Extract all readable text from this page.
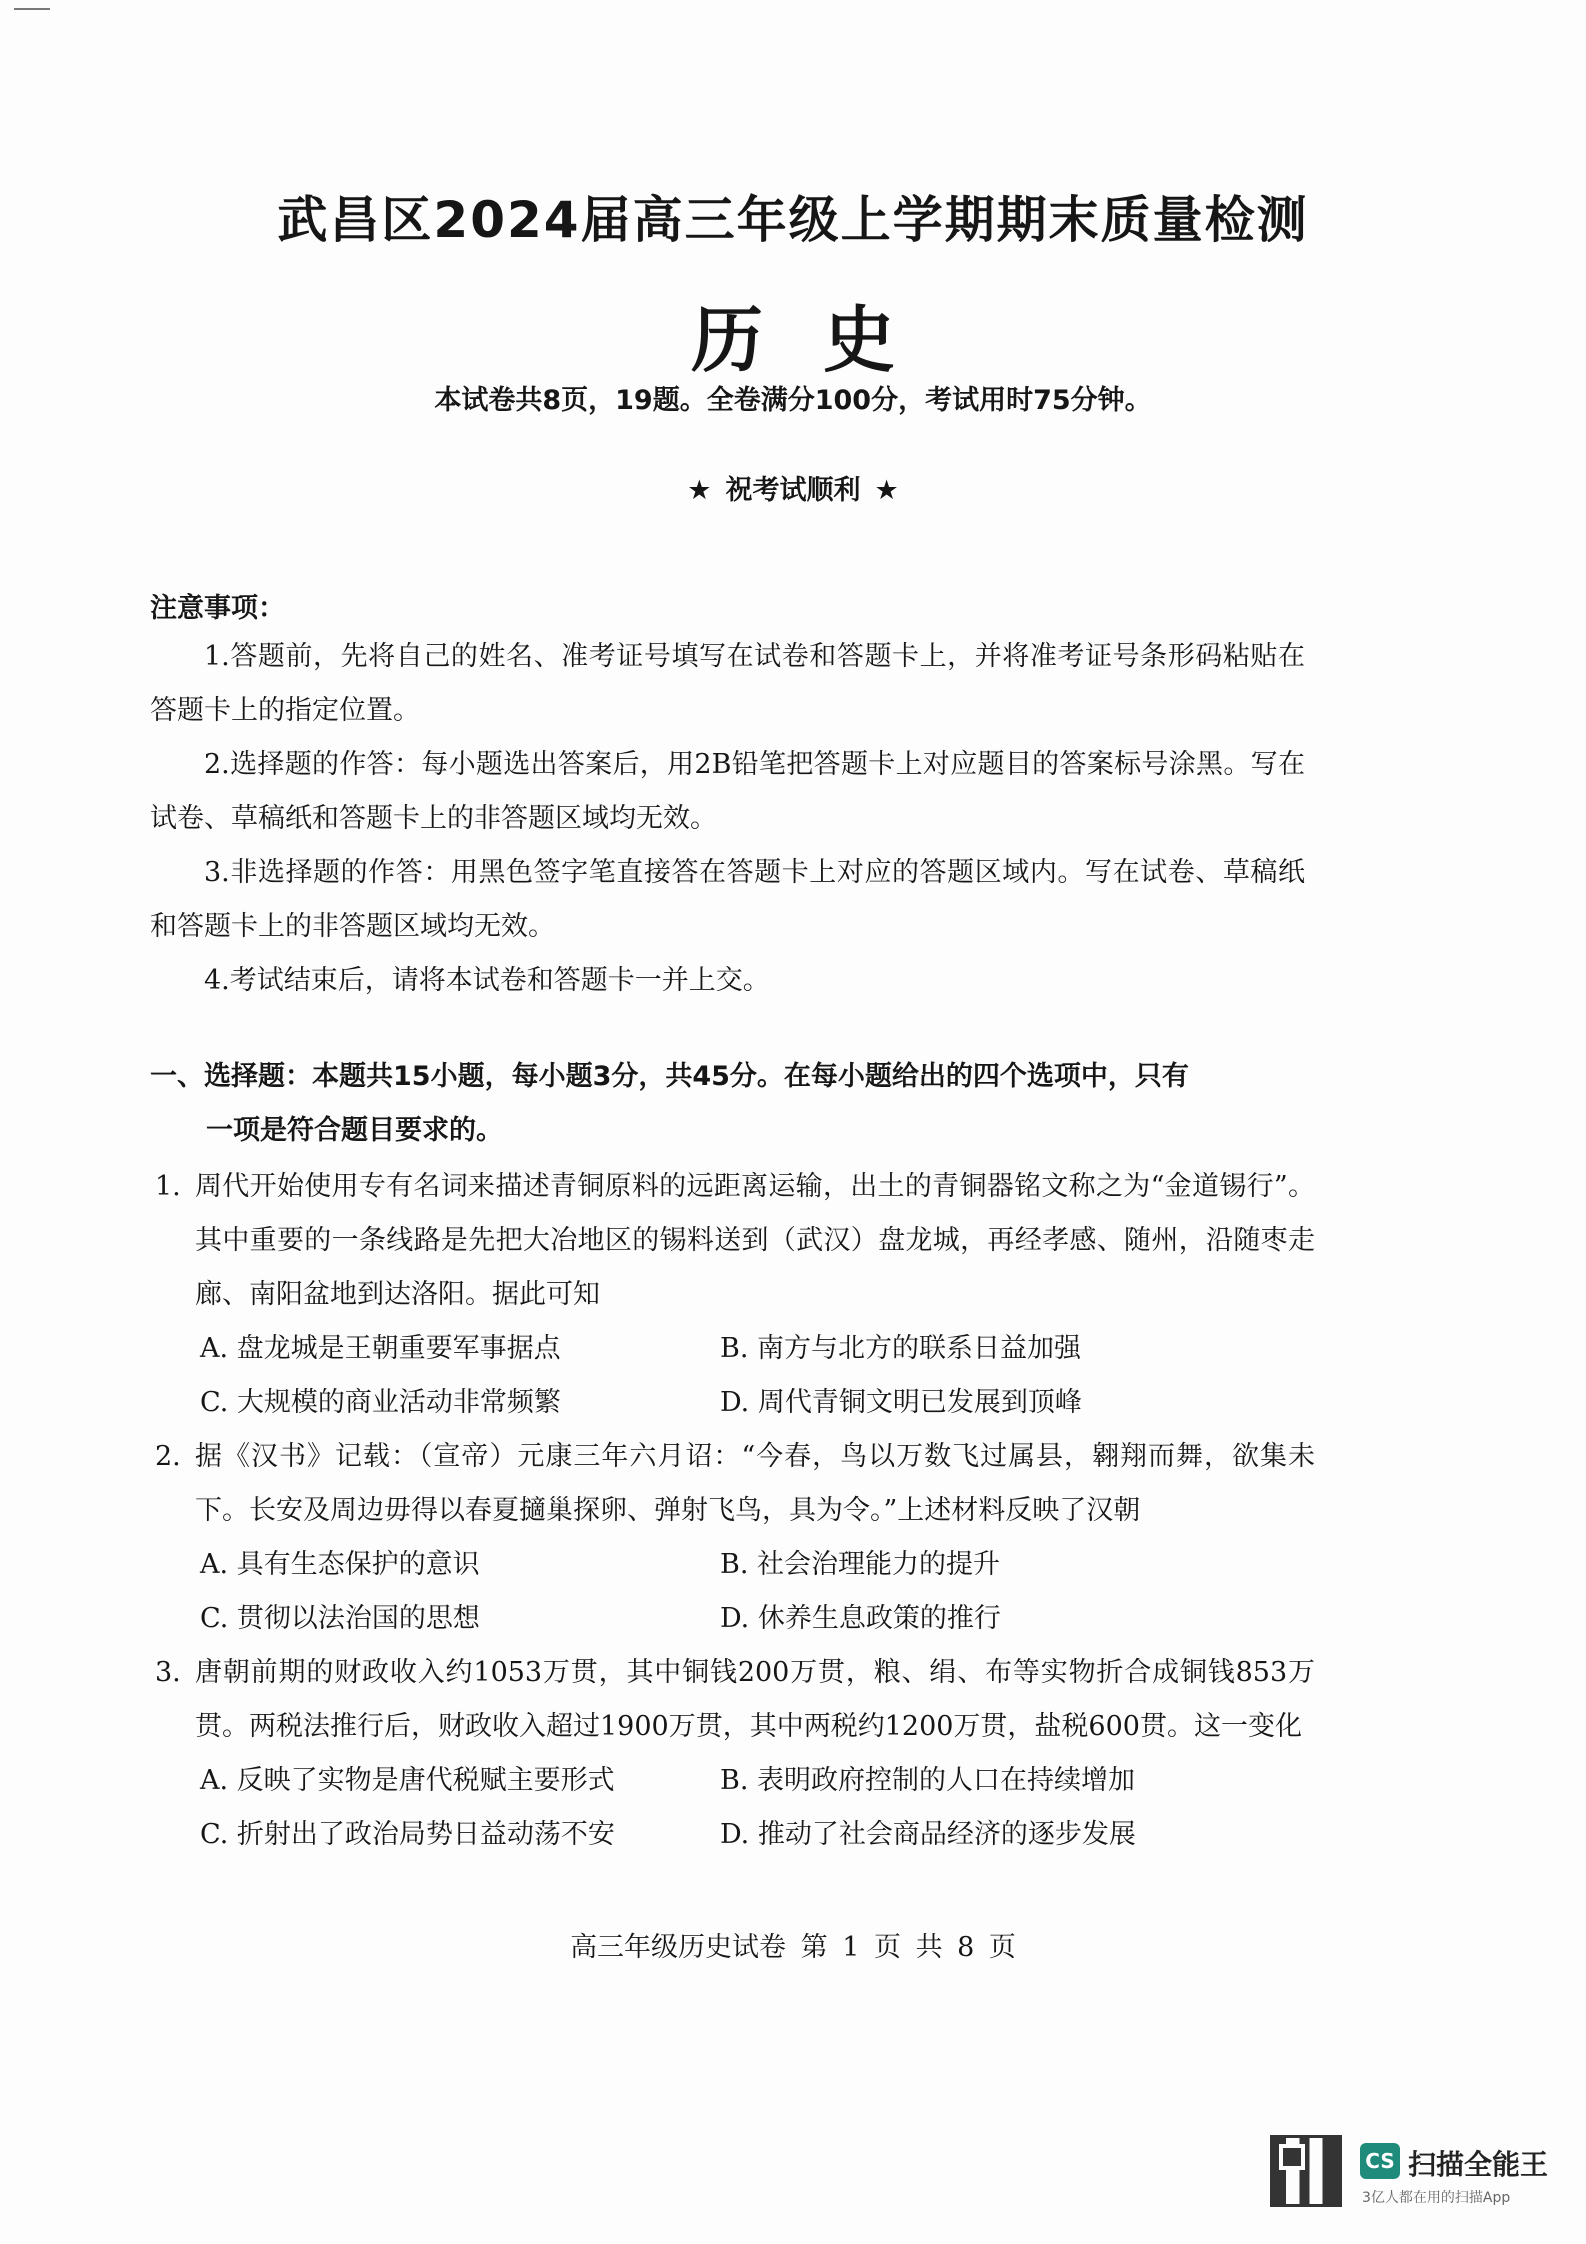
武昌区2024届高三年级上学期期末质量检测
历史
本试卷共8页，19题。全卷满分100分，考试用时75分钟。
★ 祝考试顺利 ★
注意事项：

1.答题前，先将自己的姓名、准考证号填写在试卷和答题卡上，并将准考证号条形码粘贴在答题卡上的指定位置。

2.选择题的作答：每小题选出答案后，用2B铅笔把答题卡上对应题目的答案标号涂黑。写在试卷、草稿纸和答题卡上的非答题区域均无效。

3.非选择题的作答：用黑色签字笔直接答在答题卡上对应的答题区域内。写在试卷、草稿纸和答题卡上的非答题区域均无效。

4.考试结束后，请将本试卷和答题卡一并上交。

一、选择题：本题共15小题，每小题3分，共45分。在每小题给出的四个选项中，只有
一项是符合题目要求的。
1. 周代开始使用专有名词来描述青铜原料的远距离运输，出土的青铜器铭文称之为“金道锡行”。其中重要的一条线路是先把大冶地区的锡料送到（武汉）盘龙城，再经孝感、随州，沿随枣走廊、南阳盆地到达洛阳。据此可知
A. 盘龙城是王朝重要军事据点	B. 南方与北方的联系日益加强
C. 大规模的商业活动非常频繁	D. 周代青铜文明已发展到顶峰
2. 据《汉书》记载：（宣帝）元康三年六月诏：“今春，鸟以万数飞过属县，翱翔而舞，欲集未下。长安及周边毋得以春夏擿巢探卵、弹射飞鸟，具为令。”上述材料反映了汉朝
A. 具有生态保护的意识	B. 社会治理能力的提升
C. 贯彻以法治国的思想	D. 休养生息政策的推行
3. 唐朝前期的财政收入约1053万贯，其中铜钱200万贯，粮、绢、布等实物折合成铜钱853万贯。两税法推行后，财政收入超过1900万贯，其中两税约1200万贯，盐税600贯。这一变化
A. 反映了实物是唐代税赋主要形式	B. 表明政府控制的人口在持续增加
C. 折射出了政治局势日益动荡不安	D. 推动了社会商品经济的逐步发展
高三年级历史试卷 第 1 页 共 8 页
CS 扫描全能王
3亿人都在用的扫描App
